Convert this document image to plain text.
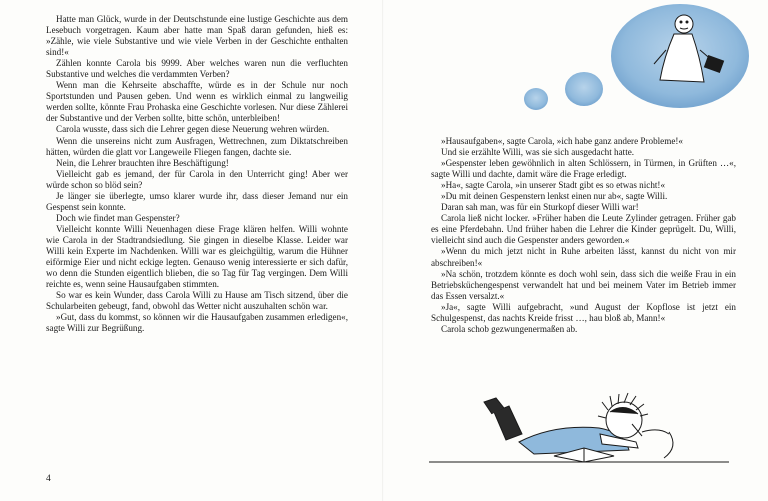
Hatte man Glück, wurde in der Deutschstunde eine lustige Geschichte aus dem Lesebuch vorgetragen. Kaum aber hatte man Spaß daran gefunden, hieß es: »Zähle, wie viele Substantive und wie viele Verben in der Geschichte enthalten sind!«

Zählen konnte Carola bis 9999. Aber welches waren nun die verfluchten Substantive und welches die verdammten Verben?

Wenn man die Kehrseite abschaffte, würde es in der Schule nur noch Sportstunden und Pausen geben. Und wenn es wirklich einmal zu langweilig werden sollte, könnte Frau Prohaska eine Geschichte vorlesen. Nur diese Zählerei der Substantive und der Verben sollte, bitte schön, unterbleiben!

Carola wusste, dass sich die Lehrer gegen diese Neuerung wehren würden.

Wenn die unsereins nicht zum Ausfragen, Wettrechnen, zum Diktatschreiben hätten, würden die glatt vor Langeweile Fliegen fangen, dachte sie.

Nein, die Lehrer brauchten ihre Beschäftigung!

Vielleicht gab es jemand, der für Carola in den Unterricht ging! Aber wer würde schon so blöd sein?

Je länger sie überlegte, umso klarer wurde ihr, dass dieser Jemand nur ein Gespenst sein konnte.

Doch wie findet man Gespenster?

Vielleicht konnte Willi Neuenhagen diese Frage klären helfen. Willi wohnte wie Carola in der Stadtrandsiedlung. Sie gingen in dieselbe Klasse. Leider war Willi kein Experte im Nachdenken. Willi war es gleichgültig, warum die Hühner eiförmige Eier und nicht eckige legten. Genauso wenig interessierte er sich dafür, wo denn die Stunden eigentlich blieben, die so Tag für Tag vergingen. Dem Willi reichte es, wenn seine Hausaufgaben stimmten.

So war es kein Wunder, dass Carola Willi zu Hause am Tisch sitzend, über die Schularbeiten gebeugt, fand, obwohl das Wetter nicht auszuhalten schön war.

»Gut, dass du kommst, so können wir die Hausaufgaben zusammen erledigen«, sagte Willi zur Begrüßung.

4

»Hausaufgaben«, sagte Carola, »ich habe ganz andere Probleme!«

Und sie erzählte Willi, was sie sich ausgedacht hatte.

»Gespenster leben gewöhnlich in alten Schlössern, in Türmen, in Grüften …«, sagte Willi und dachte, damit wäre die Frage erledigt.

»Ha«, sagte Carola, »in unserer Stadt gibt es so etwas nicht!«

»Du mit deinen Gespenstern lenkst einen nur ab«, sagte Willi.

Daran sah man, was für ein Sturkopf dieser Willi war!

Carola ließ nicht locker. »Früher haben die Leute Zylinder getragen. Früher gab es eine Pferdebahn. Und früher haben die Lehrer die Kinder geprügelt. Du, Willi, vielleicht sind auch die Gespenster anders geworden.«

»Wenn du mich jetzt nicht in Ruhe arbeiten lässt, kannst du nicht von mir abschreiben!«

»Na schön, trotzdem könnte es doch wohl sein, dass sich die weiße Frau in ein Betriebsküchengespenst verwandelt hat und bei meinem Vater im Betrieb immer das Essen versalzt.«

»Ja«, sagte Willi aufgebracht, »und August der Kopflose ist jetzt ein Schulgespenst, das nachts Kreide frisst …, hau bloß ab, Mann!«

Carola schob gezwungenermaßen ab.
